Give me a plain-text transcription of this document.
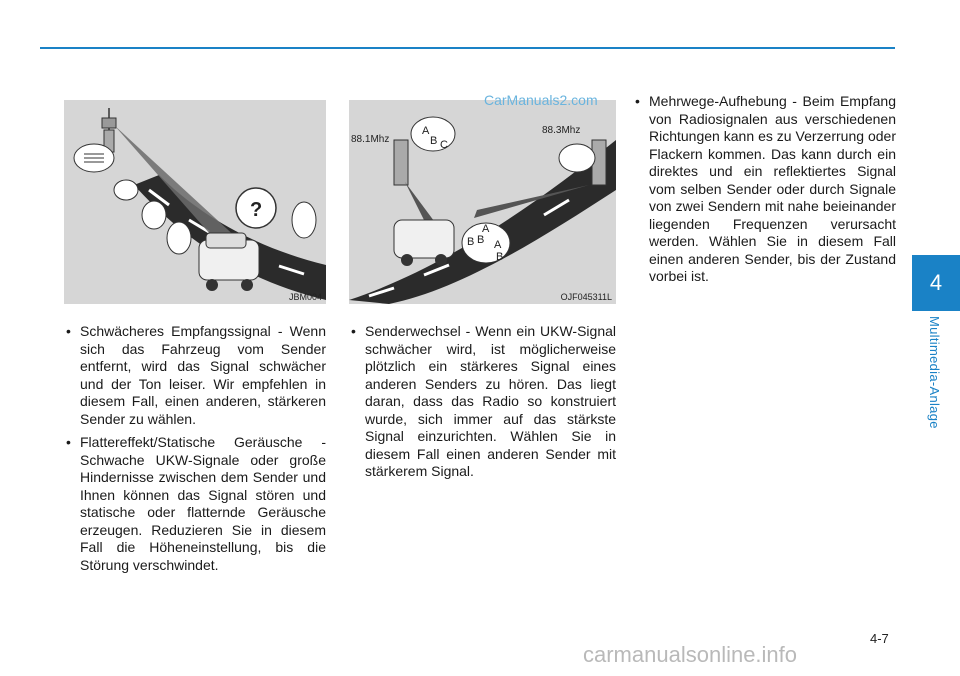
?
JBM004
88.1Mhz
88.3Mhz
A
B C
A
B B A
B
OJF045311L
CarManuals2.com
• Schwächeres Empfangssignal - Wenn sich das Fahrzeug vom Sender entfernt, wird das Signal schwächer und der Ton leiser. Wir empfehlen in diesem Fall, einen anderen, stärkeren Sender zu wählen.
• Flattereffekt/Statische Geräusche - Schwache UKW-Signale oder große Hindernisse zwischen dem Sender und Ihnen können das Signal stören und statische oder flatternde Geräusche erzeugen. Reduzieren Sie in diesem Fall die Höheneinstellung, bis die Störung verschwindet.
• Senderwechsel - Wenn ein UKW-Signal schwächer wird, ist möglicherweise plötzlich ein stärkeres Signal eines anderen Senders zu hören. Das liegt daran, dass das Radio so konstruiert wurde, sich immer auf das stärkste Signal einzurichten. Wählen Sie in diesem Fall einen anderen Sender mit stärkerem Signal.
• Mehrwege-Aufhebung - Beim Empfang von Radiosignalen aus verschiedenen Richtungen kann es zu Verzerrung oder Flackern kommen. Das kann durch ein direktes und ein reflektiertes Signal vom selben Sender oder durch Signale von zwei Sendern mit nahe beieinander liegenden Frequenzen verursacht werden. Wählen Sie in diesem Fall einen anderen Sender, bis der Zustand vorbei ist.	4
Multimedia-Anlage
4-7
carmanualsonline.info
